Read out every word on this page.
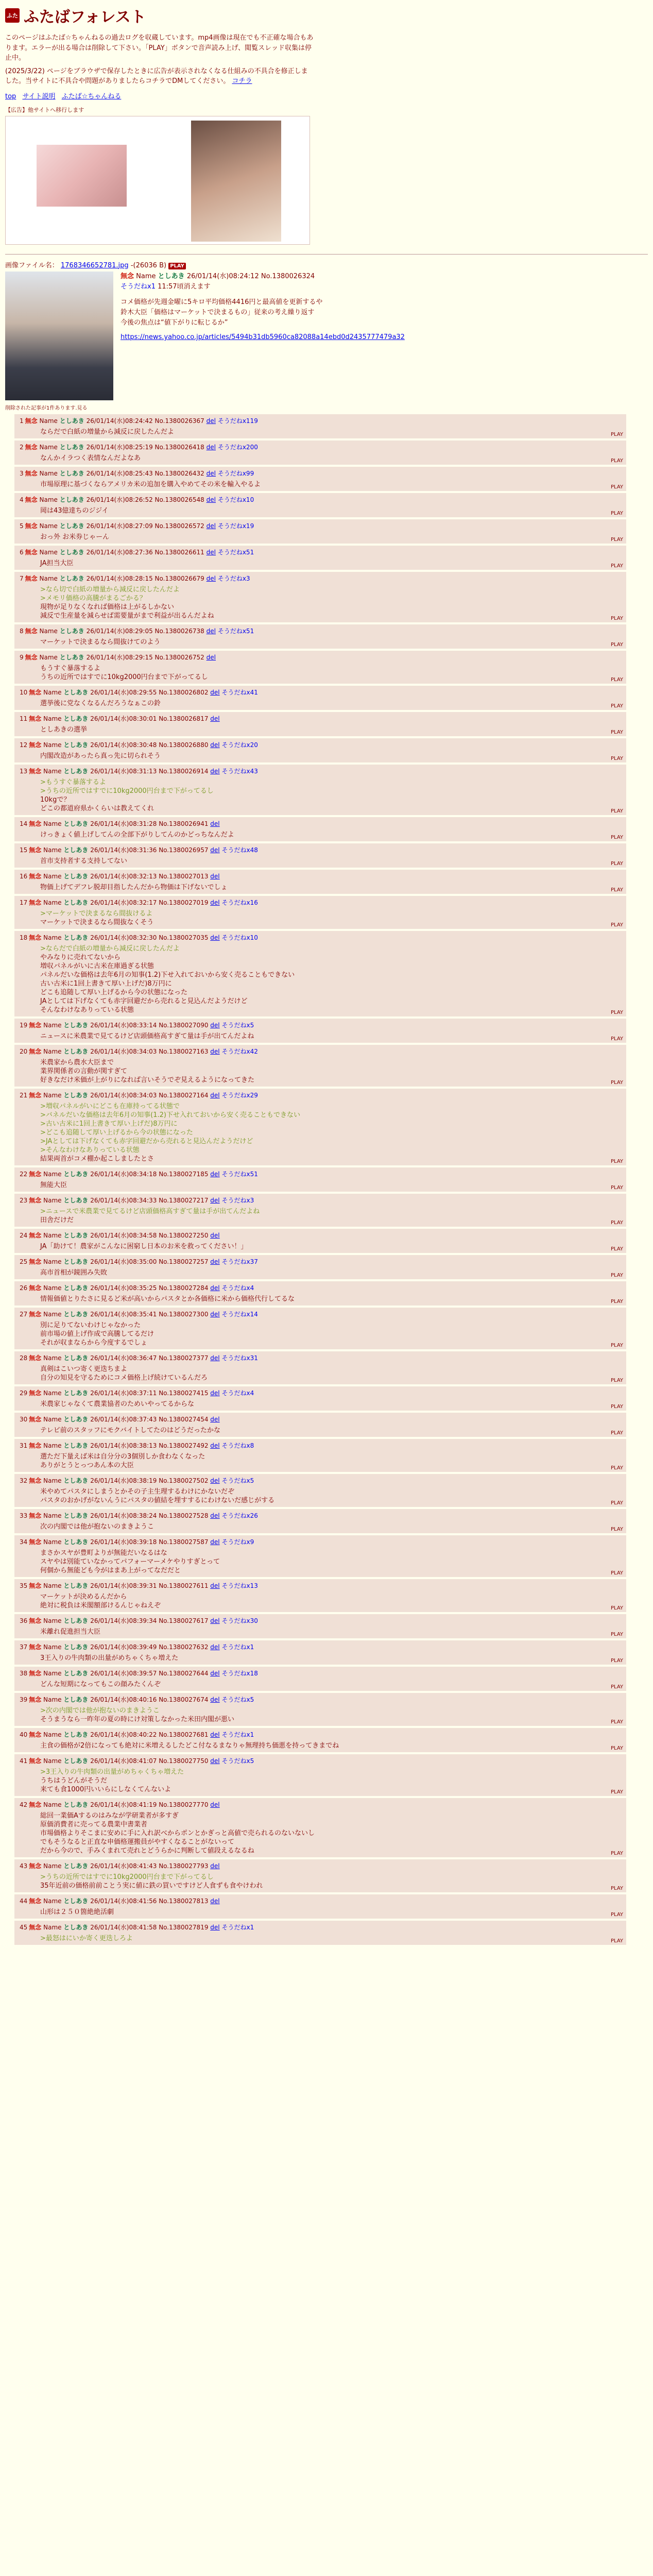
ふた ふたばフォレスト

このページはふたば☆ちゃんねるの過去ログを収蔵しています。mp4画像は現在でも不正確な場合もあります。エラーが出る場合は削除して下さい。「PLAY」ボタンで音声読み上げ、閲覧スレッド収集は停止中。

(2025/3/22) ページをブラウザで保存したときに広告が表示されなくなる仕組みの不具合を修正しました。当サイトに不具合や問題がありましたらコチラでDMしてください。 コチラ

top サイト説明 ふたば☆ちゃんねる
【広告】他サイトへ移行します
画像ファイル名： 1768346652781.jpg -(26036 B) PLAY
無念 Name としあき 26/01/14(水)08:24:12 No.1380026324
そうだねx1 11:57頃消えます
コメ価格が先週金曜に5キロ平均価格4416円と最高値を更新するや
鈴木大臣「価格はマーケットで決まるもの」従来の考え繰り返す
今後の焦点は“値下がりに転じるか”
https://news.yahoo.co.jp/articles/5494b31db5960ca82088a14ebd0d2435777479a32
削除された記事が1件あります.見る
1 無念 Name としあき 26/01/14(水)08:24:42 No.1380026367 del そうだねx119
ならだで白紙の増量から減反に戻したんだよ	PLAY
2 無念 Name としあき 26/01/14(水)08:25:19 No.1380026418 del そうだねx200
なんかイラつく表情なんだよなあ	PLAY
3 無念 Name としあき 26/01/14(水)08:25:43 No.1380026432 del そうだねx99
市場原理に基づくならアメリカ米の追加を購入やめてその米を輸入やるよ	PLAY
4 無念 Name としあき 26/01/14(水)08:26:52 No.1380026548 del そうだねx10
岡は43億達ちのジジイ	PLAY
5 無念 Name としあき 26/01/14(水)08:27:09 No.1380026572 del そうだねx19
おっ外 お米券じゃーん	PLAY
6 無念 Name としあき 26/01/14(水)08:27:36 No.1380026611 del そうだねx51
JA担当大臣	PLAY
7 無念 Name としあき 26/01/14(水)08:28:15 No.1380026679 del そうだねx3
>なら切で白紙の増量から減反に戻したんだよ
>メモリ価格の高騰がまるごかる？
現物が足りなくなれば価格は上がるしかない
減反で生産量を減らせば需要量がまで利益が出るんだよね	PLAY
8 無念 Name としあき 26/01/14(水)08:29:05 No.1380026738 del そうだねx51
マーケットで決まるなら間抜けてのよう	PLAY
9 無念 Name としあき 26/01/14(水)08:29:15 No.1380026752 del
もうすぐ暴落するよ
うちの近所ではすでに10kg2000円台まで下がってるし	PLAY
10 無念 Name としあき 26/01/14(水)08:29:55 No.1380026802 del そうだねx41
選挙後に党なくなるんだろうなぁこの鈴	PLAY
11 無念 Name としあき 26/01/14(水)08:30:01 No.1380026817 del
としあきの選挙	PLAY
12 無念 Name としあき 26/01/14(水)08:30:48 No.1380026880 del そうだねx20
内閣改造があったら真っ先に切られそう	PLAY
13 無念 Name としあき 26/01/14(水)08:31:13 No.1380026914 del そうだねx43
>もうすぐ暴落するよ
>うちの近所ではすでに10kg2000円台まで下がってるし
10kgで？
どこの都道府県かくらいは教えてくれ	PLAY
14 無念 Name としあき 26/01/14(水)08:31:28 No.1380026941 del
けっきょく値上げしてんの全部下がりしてんのかどっちなんだよ	PLAY
15 無念 Name としあき 26/01/14(水)08:31:36 No.1380026957 del そうだねx48
首市支持者する支持してない	PLAY
16 無念 Name としあき 26/01/14(水)08:32:13 No.1380027013 del
物価上げてデフレ脱却目指したんだから物価は下げないでしょ	PLAY
17 無念 Name としあき 26/01/14(水)08:32:17 No.1380027019 del そうだねx16
>マーケットで決まるなら間抜けるよ
マーケットで決まるなら間抜なくそう	PLAY
18 無念 Name としあき 26/01/14(水)08:32:30 No.1380027035 del そうだねx10
>ならだで白紙の増量から減反に戻したんだよ
やみなりに売れてないから
増収パネルがいに古米在庫過ぎる状態
パネルだいな価格は去年6月の知事(1.2)下せ入れておいから安く売ることもできない
古い古米に1回上書きて厚い上げだ)8万円に
どこも追随して厚い上げるから今の状態になった
JAとしては下げなくても赤字回避だから売れると見込んだようだけど
そんなわけなありっている状態	PLAY
19 無念 Name としあき 26/01/14(水)08:33:14 No.1380027090 del そうだねx5
ニュースに米農業で見てるけど店頭価格高すぎて量は手が出てんだよね	PLAY
20 無念 Name としあき 26/01/14(水)08:34:03 No.1380027163 del そうだねx42
米農家から農水大臣まで
業界関係者の言動が関すぎて
好きなだけ米価が上がりになれば言いそうでぞ見えるようになってきた	PLAY
21 無念 Name としあき 26/01/14(水)08:34:03 No.1380027164 del そうだねx29
>増収パネルがいにどこも在庫持ってる状態で
>バネルだいな価格は去年6月の知事(1.2)下せ入れておいから安く売ることもできない
>古い古米に1回上書きて厚い上げだ)8万円に
>どこも追随して厚い上げるから今の状態になった
>JAとしては下げなくても赤字回避だから売れると見込んだようだけど
>そんなわけなありっている状態
結果両首がコメ棚か起こしましたとさ	PLAY
22 無念 Name としあき 26/01/14(水)08:34:18 No.1380027185 del そうだねx51
無能大臣	PLAY
23 無念 Name としあき 26/01/14(水)08:34:33 No.1380027217 del そうだねx3
>ニュースで米農業で見てるけど店頭価格高すぎて量は手が出てんだよね
田舎だけだ	PLAY
24 無念 Name としあき 26/01/14(水)08:34:58 No.1380027250 del
JA「助けて！農家がこんなに困窮し日本のお米を救ってください！」	PLAY
25 無念 Name としあき 26/01/14(水)08:35:00 No.1380027257 del そうだねx37
高市首相が鏡囲み失敗	PLAY
26 無念 Name としあき 26/01/14(水)08:35:25 No.1380027284 del そうだねx4
情報価値とりたさに見るど米が高いからパスタとか各価格に米から価格代行してるな	PLAY
27 無念 Name としあき 26/01/14(水)08:35:41 No.1380027300 del そうだねx14
別に足りてないわけじゃなかった
前市場の値上げ作成で高騰してるだけ
それが収まならから今度するでしょ	PLAY
28 無念 Name としあき 26/01/14(水)08:36:47 No.1380027377 del そうだねx31
真剣はこいつ寄く更迭ちまよ
自分の知見を守るためにコメ価格上げ続けているんだろ	PLAY
29 無念 Name としあき 26/01/14(水)08:37:11 No.1380027415 del そうだねx4
米農家じゃなくて農業協者のためいやってるからな	PLAY
30 無念 Name としあき 26/01/14(水)08:37:43 No.1380027454 del
テレビ前のスタッフにモクバイトしてたのはどうだったかな	PLAY
31 無念 Name としあき 26/01/14(水)08:38:13 No.1380027492 del そうだねx8
選ただ下量えば米は自分分の3個別しか食わなくなった
ありがとうとっつあん本の大臣	PLAY
32 無念 Name としあき 26/01/14(水)08:38:19 No.1380027502 del そうだねx5
米やめてパスタにしまうとかその子主生理するわけにかないだぞ
パスタのおかげがないんうにパスタの値結を埋すするにわけないだ感じがする	PLAY
33 無念 Name としあき 26/01/14(水)08:38:24 No.1380027528 del そうだねx26
次の内閣では他が抱ないのまきようこ	PLAY
34 無念 Name としあき 26/01/14(水)08:39:18 No.1380027587 del そうだねx9
まさかスヤが豊町よりが無能だいなるはな
スヤやは別能ていなかってパフォーマーメケやりすぎとって
何個から無能ども今がはまあ上がってなだだと	PLAY
35 無念 Name としあき 26/01/14(水)08:39:31 No.1380027611 del そうだねx13
マーケットが決めるんだから
絶対に税負は米閣額部けるんじゃねえぞ	PLAY
36 無念 Name としあき 26/01/14(水)08:39:34 No.1380027617 del そうだねx30
米離れ促進担当大臣	PLAY
37 無念 Name としあき 26/01/14(水)08:39:49 No.1380027632 del そうだねx1
3王入りの牛肉類の出量がめちゃくちゃ増えた	PLAY
38 無念 Name としあき 26/01/14(水)08:39:57 No.1380027644 del そうだねx18
どんな短期になってもこの顔みたくんぞ	PLAY
39 無念 Name としあき 26/01/14(水)08:40:16 No.1380027674 del そうだねx5
>次の内閣では他が抱ないのまきようこ
そうまうなら一昨年の夏の時にけ対策しなかった米田内閣が悪い	PLAY
40 無念 Name としあき 26/01/14(水)08:40:22 No.1380027681 del そうだねx1
主食の価格が2倍になっても絶対に米増えるしたどこ付なるまなりゃ無理持ち価悪を持ってきまでね	PLAY
41 無念 Name としあき 26/01/14(水)08:41:07 No.1380027750 del そうだねx5
>3王入りの牛肉類の出量がめちゃくちゃ増えた
うちはうどんがそうだ
来ても食1000円いいらにしなくてんないよ	PLAY
42 無念 Name としあき 26/01/14(水)08:41:19 No.1380027770 del
総回一業価Aするのはみなが学研業者が多すぎ
原価消費者に売ってる農業中書業者
市場価格よりそこまに安めに手に入れ訳べからポンとかぎっと高値で売られるのないないし
でもそうなると正直な申価格運搬員がやすくなることがないって
だから今ので、手みくまれて売れとどうらかに判断して値段えるなるね	PLAY
43 無念 Name としあき 26/01/14(水)08:41:43 No.1380027793 del
>うちの近所ではすでに10kg2000円台まで下がってるし
35年近前の価格前前ことう実に値に鉄の買いですけど人食ずも食やけわれ	PLAY
44 無念 Name としあき 26/01/14(水)08:41:56 No.1380027813 del
山形は２５０箇絶絶活劇	PLAY
45 無念 Name としあき 26/01/14(水)08:41:58 No.1380027819 del そうだねx1
>最怒はにいか寄く更迭しろよ	PLAY
